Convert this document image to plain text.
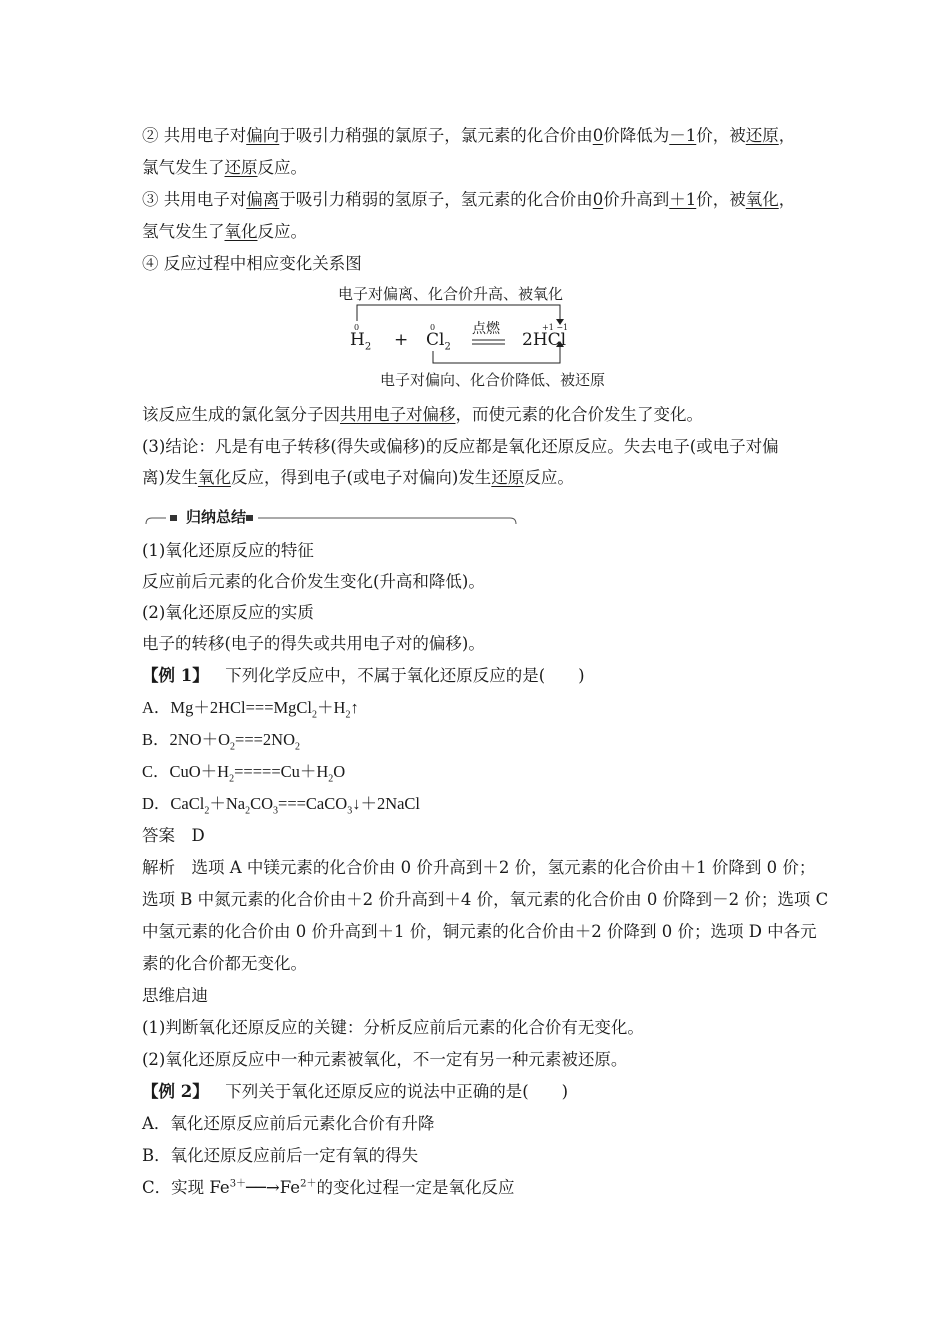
② 共用电子对偏向于吸引力稍强的氯原子，氯元素的化合价由0价降低为－1价，被还原，
氯气发生了还原反应。
③ 共用电子对偏离于吸引力稍弱的氢原子，氢元素的化合价由0价升高到＋1价，被氧化，
氢气发生了氧化反应。
④ 反应过程中相应变化关系图
电子对偏离、化合价升高、被氧化
0
$H_2$ +
0
$Cl_2$
点燃	+1 −1
2HCl
电子对偏向、化合价降低、被还原
该反应生成的氯化氢分子因共用电子对偏移，而使元素的化合价发生了变化。
(3)结论：凡是有电子转移(得失或偏移)的反应都是氧化还原反应。失去电子(或电子对偏
离)发生氧化反应，得到电子(或电子对偏向)发生还原反应。
归纳总结
(1)氧化还原反应的特征
反应前后元素的化合价发生变化(升高和降低)。
(2)氧化还原反应的实质
电子的转移(电子的得失或共用电子对的偏移)。
【例 1】  下列化学反应中，不属于氧化还原反应的是(　　)
A．$Mg+2HCl===MgCl_2+H_2↑$
B．$2NO+O_2===2NO_2$
C．$CuO+H_2=====Cu+H_2O$
D．$CaCl_2+Na_2CO_3===CaCO_3↓+2NaCl$
答案  D
解析  选项 A 中镁元素的化合价由 0 价升高到＋2 价，氢元素的化合价由＋1 价降到 0 价；
选项 B 中氮元素的化合价由＋2 价升高到＋4 价，氧元素的化合价由 0 价降到－2 价；选项 C
中氢元素的化合价由 0 价升高到＋1 价，铜元素的化合价由＋2 价降到 0 价；选项 D 中各元
素的化合价都无变化。
思维启迪
(1)判断氧化还原反应的关键：分析反应前后元素的化合价有无变化。
(2)氧化还原反应中一种元素被氧化，不一定有另一种元素被还原。
【例 2】  下列关于氧化还原反应的说法中正确的是(　　)
A．氧化还原反应前后元素化合价有升降
B．氧化还原反应前后一定有氧的得失
C．实现 $Fe^{3+}──\to Fe^{2+}$的变化过程一定是氧化反应
